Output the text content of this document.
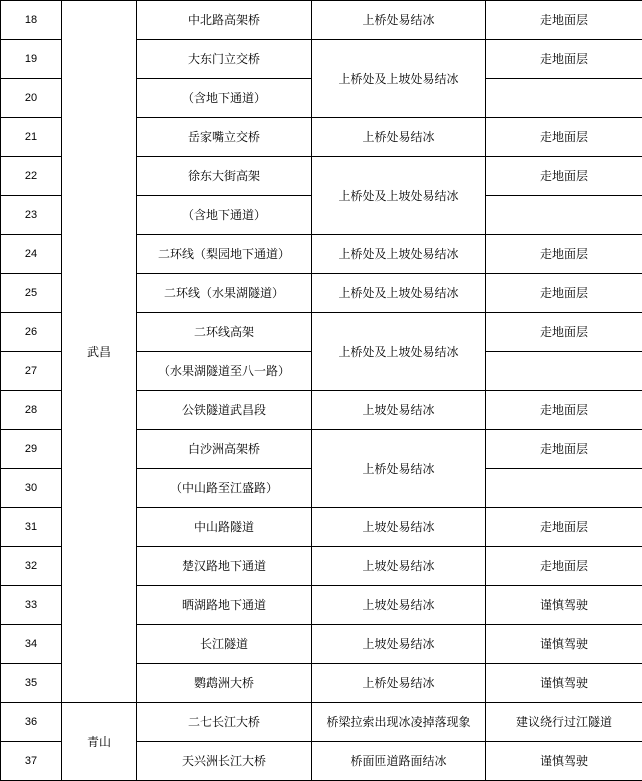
18	武昌	中北路高架桥	上桥处易结冰	走地面层
19		大东门立交桥	上桥处及上坡处易结冰	走地面层
20		（含地下通道）		
21		岳家嘴立交桥	上桥处易结冰	走地面层
22		徐东大街高架	上桥处及上坡处易结冰	走地面层
23		（含地下通道）		
24		二环线（梨园地下通道）	上桥处及上坡处易结冰	走地面层
25		二环线（水果湖隧道）	上桥处及上坡处易结冰	走地面层
26		二环线高架	上桥处及上坡处易结冰	走地面层
27		（水果湖隧道至八一路）		
28		公铁隧道武昌段	上坡处易结冰	走地面层
29		白沙洲高架桥	上桥处易结冰	走地面层
30		（中山路至江盛路）		
31		中山路隧道	上坡处易结冰	走地面层
32		楚汉路地下通道	上坡处易结冰	走地面层
33		晒湖路地下通道	上坡处易结冰	谨慎驾驶
34		长江隧道	上坡处易结冰	谨慎驾驶
35		鹦鹉洲大桥	上桥处易结冰	谨慎驾驶
36	青山	二七长江大桥	桥梁拉索出现冰凌掉落现象	建议绕行过江隧道
37		天兴洲长江大桥	桥面匝道路面结冰	谨慎驾驶
